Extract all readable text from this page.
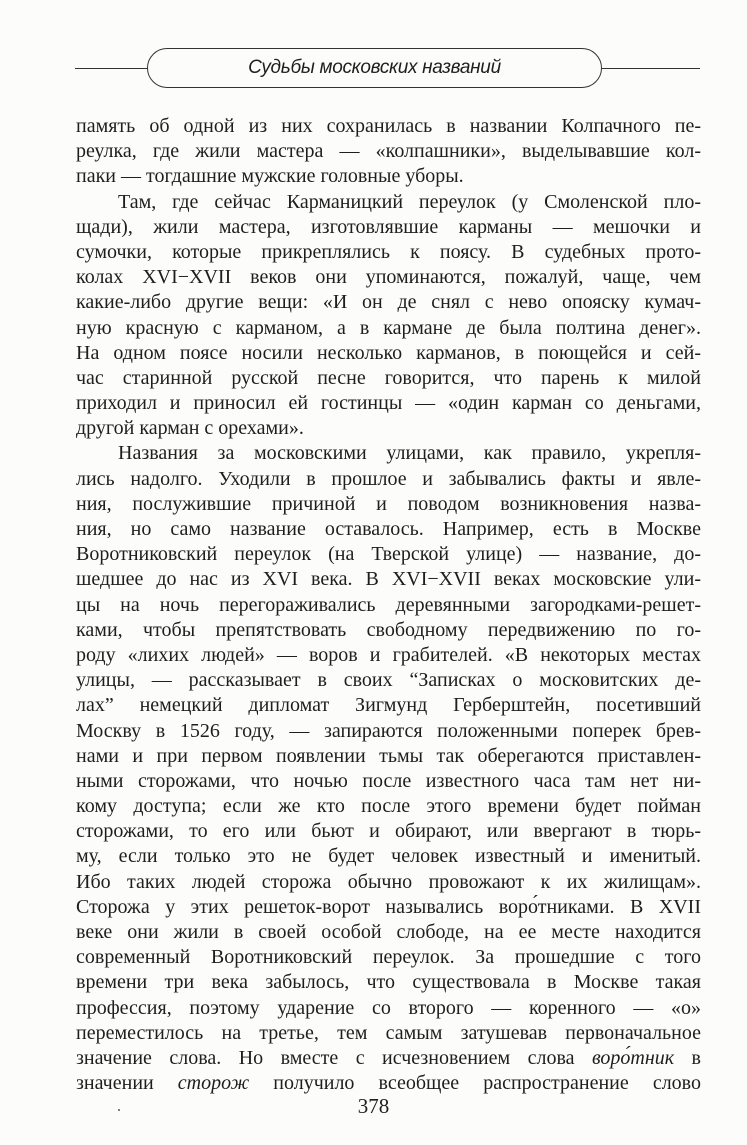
Судьбы московских названий
память об одной из них сохранилась в названии Колпачного пе-
реулка, где жили мастера — «колпашники», выделывавшие кол-
паки — тогдашние мужские головные уборы.
Там, где сейчас Карманицкий переулок (у Смоленской пло-
щади), жили мастера, изготовлявшие карманы — мешочки и
сумочки, которые прикреплялись к поясу. В судебных прото-
колах XVI−XVII веков они упоминаются, пожалуй, чаще, чем
какие-либо другие вещи: «И он де снял с нево опояску кумач-
ную красную с карманом, а в кармане де была полтина денег».
На одном поясе носили несколько карманов, в поющейся и сей-
час старинной русской песне говорится, что парень к милой
приходил и приносил ей гостинцы — «один карман со деньгами,
другой карман с орехами».
Названия за московскими улицами, как правило, укрепля-
лись надолго. Уходили в прошлое и забывались факты и явле-
ния, послужившие причиной и поводом возникновения назва-
ния, но само название оставалось. Например, есть в Москве
Воротниковский переулок (на Тверской улице) — название, до-
шедшее до нас из XVI века. В XVI−XVII веках московские ули-
цы на ночь перегораживались деревянными загородками-решет-
ками, чтобы препятствовать свободному передвижению по го-
роду «лихих людей» — воров и грабителей. «В некоторых местах
улицы, — рассказывает в своих “Записках о московитских де-
лах” немецкий дипломат Зигмунд Герберштейн, посетивший
Москву в 1526 году, — запираются положенными поперек брев-
нами и при первом появлении тьмы так оберегаются приставлен-
ными сторожами, что ночью после известного часа там нет ни-
кому доступа; если же кто после этого времени будет пойман
сторожами, то его или бьют и обирают, или ввергают в тюрь-
му, если только это не будет человек известный и именитый.
Ибо таких людей сторожа обычно провожают к их жилищам».
Сторожа у этих решеток-ворот назывались воро́тниками. В XVII
веке они жили в своей особой слободе, на ее месте находится
современный Воротниковский переулок. За прошедшие с того
времени три века забылось, что существовала в Москве такая
профессия, поэтому ударение со второго — коренного — «о»
переместилось на третье, тем самым затушевав первоначальное
значение слова. Но вместе с исчезновением слова воро́тник в
значении сторож получило всеобщее распространение слово
378
